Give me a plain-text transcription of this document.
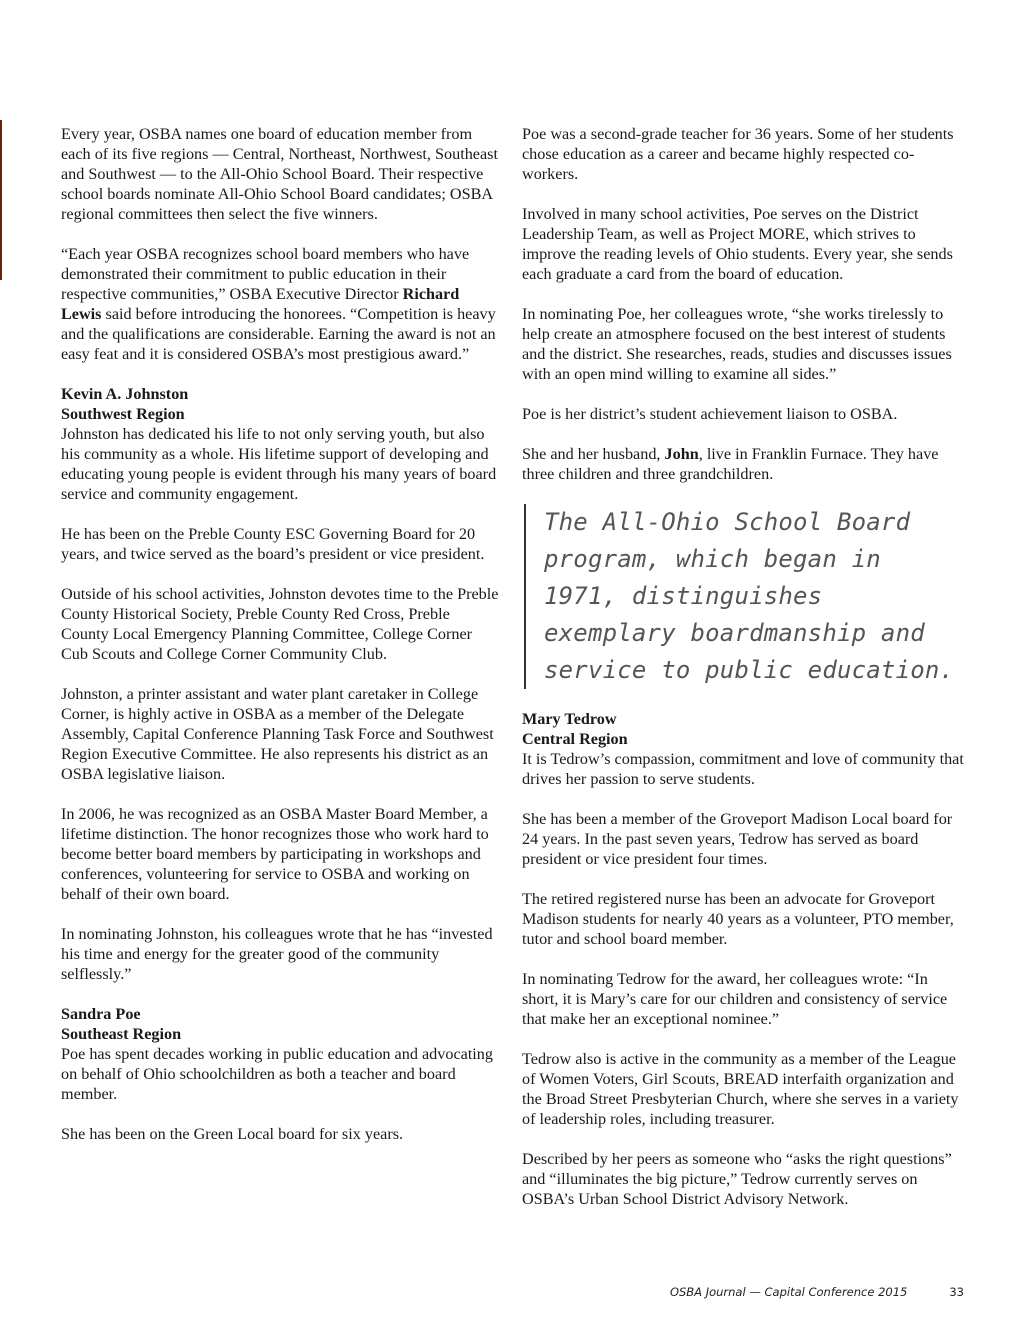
Every year, OSBA names one board of education member from each of its five regions — Central, Northeast, Northwest, Southeast and Southwest — to the All-Ohio School Board. Their respective school boards nominate All-Ohio School Board candidates; OSBA regional committees then select the five winners.

“Each year OSBA recognizes school board members who have demonstrated their commitment to public education in their respective communities,” OSBA Executive Director Richard Lewis said before introducing the honorees. “Competition is heavy and the qualifications are considerable. Earning the award is not an easy feat and it is considered OSBA’s most prestigious award.”

Kevin A. Johnston
Southwest Region

Johnston has dedicated his life to not only serving youth, but also his community as a whole. His lifetime support of developing and educating young people is evident through his many years of board service and community engagement.

He has been on the Preble County ESC Governing Board for 20 years, and twice served as the board’s president or vice president.

Outside of his school activities, Johnston devotes time to the Preble County Historical Society, Preble County Red Cross, Preble County Local Emergency Planning Committee, College Corner Cub Scouts and College Corner Community Club.

Johnston, a printer assistant and water plant caretaker in College Corner, is highly active in OSBA as a member of the Delegate Assembly, Capital Conference Planning Task Force and Southwest Region Executive Committee. He also represents his district as an OSBA legislative liaison.

In 2006, he was recognized as an OSBA Master Board Member, a lifetime distinction. The honor recognizes those who work hard to become better board members by participating in workshops and conferences, volunteering for service to OSBA and working on behalf of their own board.

In nominating Johnston, his colleagues wrote that he has “invested his time and energy for the greater good of the community selflessly.”

Sandra Poe
Southeast Region

Poe has spent decades working in public education and advocating on behalf of Ohio schoolchildren as both a teacher and board member.

She has been on the Green Local board for six years.

Poe was a second-grade teacher for 36 years. Some of her students chose education as a career and became highly respected co-workers.

Involved in many school activities, Poe serves on the District Leadership Team, as well as Project MORE, which strives to improve the reading levels of Ohio students. Every year, she sends each graduate a card from the board of education.

In nominating Poe, her colleagues wrote, “she works tirelessly to help create an atmosphere focused on the best interest of students and the district. She researches, reads, studies and discusses issues with an open mind willing to examine all sides.”

Poe is her district’s student achievement liaison to OSBA.

She and her husband, John, live in Franklin Furnace. They have three children and three grandchildren.

The All-Ohio School Board program, which began in 1971, distinguishes exemplary boardmanship and service to public education.
Mary Tedrow
Central Region

It is Tedrow’s compassion, commitment and love of community that drives her passion to serve students.

She has been a member of the Groveport Madison Local board for 24 years. In the past seven years, Tedrow has served as board president or vice president four times.

The retired registered nurse has been an advocate for Groveport Madison students for nearly 40 years as a volunteer, PTO member, tutor and school board member.

In nominating Tedrow for the award, her colleagues wrote: “In short, it is Mary’s care for our children and consistency of service that make her an exceptional nominee.”

Tedrow also is active in the community as a member of the League of Women Voters, Girl Scouts, BREAD interfaith organization and the Broad Street Presbyterian Church, where she serves in a variety of leadership roles, including treasurer.

Described by her peers as someone who “asks the right questions” and “illuminates the big picture,” Tedrow currently serves on OSBA’s Urban School District Advisory Network.

OSBA Journal — Capital Conference 2015	33
